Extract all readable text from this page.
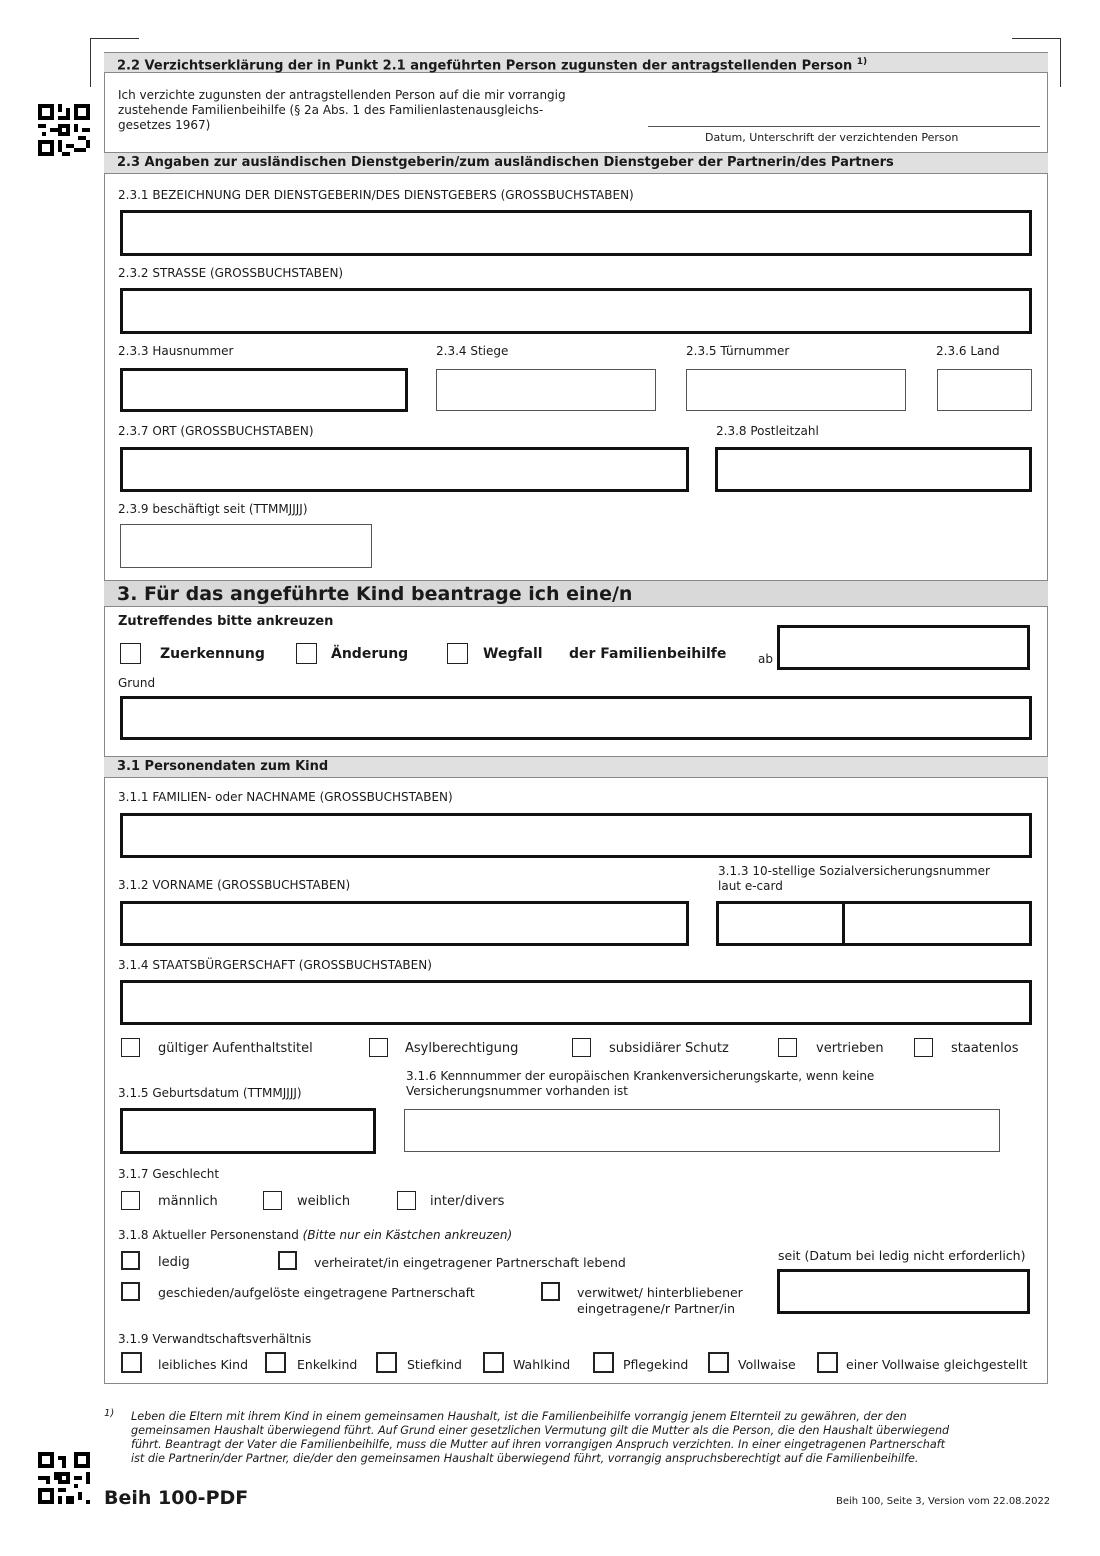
2.2 Verzichtserklärung der in Punkt 2.1 angeführten Person zugunsten der antragstellenden Person $^{1)}$
Ich verzichte zugunsten der antragstellenden Person auf die mir vorrangig
zustehende Familienbeihilfe (§ 2a Abs. 1 des Familienlastenausgleichs-
gesetzes 1967)
Datum, Unterschrift der verzichtenden Person
2.3 Angaben zur ausländischen Dienstgeberin/zum ausländischen Dienstgeber der Partnerin/des Partners
2.3.1 BEZEICHNUNG DER DIENSTGEBERIN/DES DIENSTGEBERS (GROSSBUCHSTABEN)
2.3.2 STRASSE (GROSSBUCHSTABEN)
2.3.3 Hausnummer	2.3.4 Stiege	2.3.5 Türnummer	2.3.6 Land
2.3.7 ORT (GROSSBUCHSTABEN)	2.3.8 Postleitzahl
2.3.9 beschäftigt seit (TTMMJJJJ)
3. Für das angeführte Kind beantrage ich eine/n
Zutreffendes bitte ankreuzen
Zuerkennung	Änderung	Wegfall der Familienbeihilfe	ab
Grund
3.1 Personendaten zum Kind
3.1.1 FAMILIEN- oder NACHNAME (GROSSBUCHSTABEN)
3.1.2 VORNAME (GROSSBUCHSTABEN)
3.1.3 10-stellige Sozialversicherungsnummer
laut e-card
3.1.4 STAATSBÜRGERSCHAFT (GROSSBUCHSTABEN)
gültiger Aufenthaltstitel	Asylberechtigung	subsidiärer Schutz	vertrieben	staatenlos
3.1.6 Kennnummer der europäischen Krankenversicherungskarte, wenn keine
Versicherungsnummer vorhanden ist
3.1.5 Geburtsdatum (TTMMJJJJ)
3.1.7 Geschlecht
männlich	weiblich	inter/divers
3.1.8 Aktueller Personenstand (Bitte nur ein Kästchen ankreuzen)
ledig	verheiratet/in eingetragener Partnerschaft lebend	seit (Datum bei ledig nicht erforderlich)
geschieden/aufgelöste eingetragene Partnerschaft	verwitwet/ hinterbliebener
eingetragene/r Partner/in
3.1.9 Verwandtschaftsverhältnis
leibliches Kind	Enkelkind	Stiefkind	Wahlkind	Pflegekind	Vollwaise	einer Vollwaise gleichgestellt
1) Leben die Eltern mit ihrem Kind in einem gemeinsamen Haushalt, ist die Familienbeihilfe vorrangig jenem Elternteil zu gewähren, der den
gemeinsamen Haushalt überwiegend führt. Auf Grund einer gesetzlichen Vermutung gilt die Mutter als die Person, die den Haushalt überwiegend
führt. Beantragt der Vater die Familienbeihilfe, muss die Mutter auf ihren vorrangigen Anspruch verzichten. In einer eingetragenen Partnerschaft
ist die Partnerin/der Partner, die/der den gemeinsamen Haushalt überwiegend führt, vorrangig anspruchsberechtigt auf die Familienbeihilfe.
Beih 100-PDF	Beih 100, Seite 3, Version vom 22.08.2022
